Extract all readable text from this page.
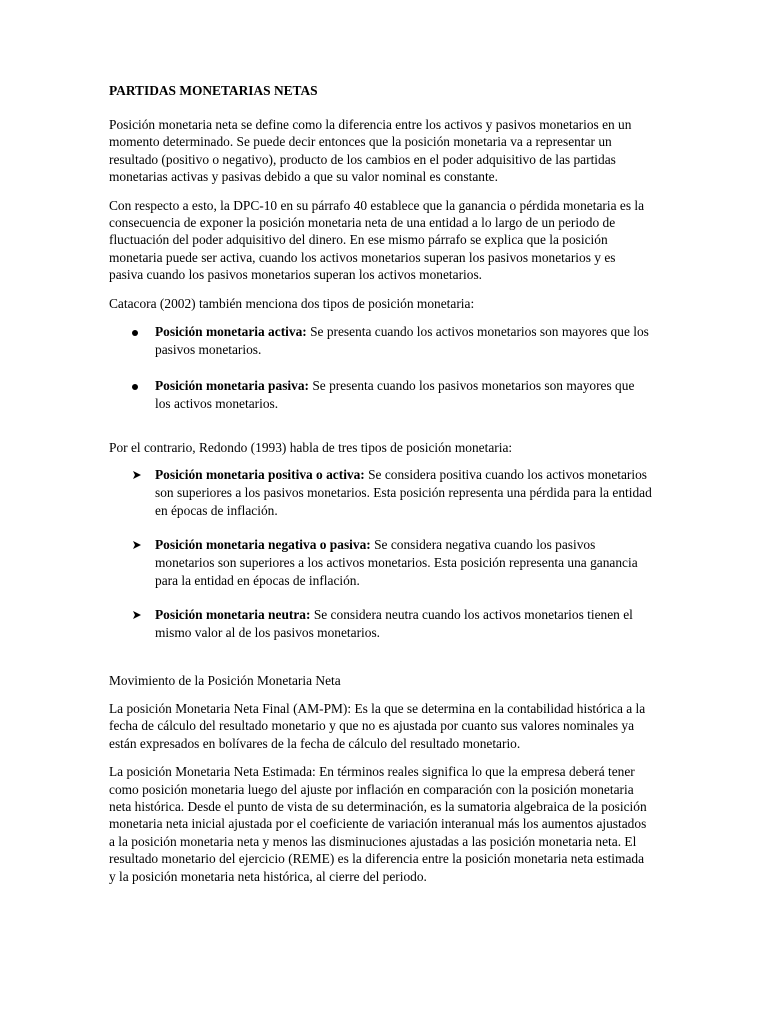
PARTIDAS MONETARIAS NETAS

Posición monetaria neta se define como la diferencia entre los activos y pasivos monetarios en un momento determinado. Se puede decir entonces que la posición monetaria va a representar un resultado (positivo o negativo), producto de los cambios en el poder adquisitivo de las partidas monetarias activas y pasivas debido a que su valor nominal es constante.

Con respecto a esto, la DPC-10 en su párrafo 40 establece que la ganancia o pérdida monetaria es la consecuencia de exponer la posición monetaria neta de una entidad a lo largo de un periodo de fluctuación del poder adquisitivo del dinero. En ese mismo párrafo se explica que la posición monetaria puede ser activa, cuando los activos monetarios superan los pasivos monetarios y es pasiva cuando los pasivos monetarios superan los activos monetarios.

Catacora (2002) también menciona dos tipos de posición monetaria:

Posición monetaria activa: Se presenta cuando los activos monetarios son mayores que los pasivos monetarios.
Posición monetaria pasiva: Se presenta cuando los pasivos monetarios son mayores que los activos monetarios.

Por el contrario, Redondo (1993) habla de tres tipos de posición monetaria:

Posición monetaria positiva o activa: Se considera positiva cuando los activos monetarios son superiores a los pasivos monetarios. Esta posición representa una pérdida para la entidad en épocas de inflación.
Posición monetaria negativa o pasiva: Se considera negativa cuando los pasivos monetarios son superiores a los activos monetarios. Esta posición representa una ganancia para la entidad en épocas de inflación.
Posición monetaria neutra: Se considera neutra cuando los activos monetarios tienen el mismo valor al de los pasivos monetarios.

Movimiento de la Posición Monetaria Neta

La posición Monetaria Neta Final (AM-PM): Es la que se determina en la contabilidad histórica a la fecha de cálculo del resultado monetario y que no es ajustada por cuanto sus valores nominales ya están expresados en bolívares de la fecha de cálculo del resultado monetario.

La posición Monetaria Neta Estimada: En términos reales significa lo que la empresa deberá tener como posición monetaria luego del ajuste por inflación en comparación con la posición monetaria neta histórica. Desde el punto de vista de su determinación, es la sumatoria algebraica de la posición monetaria neta inicial ajustada por el coeficiente de variación interanual más los aumentos ajustados a la posición monetaria neta y menos las disminuciones ajustadas a las posición monetaria neta. El resultado monetario del ejercicio (REME) es la diferencia entre la posición monetaria neta estimada y la posición monetaria neta histórica, al cierre del periodo.
